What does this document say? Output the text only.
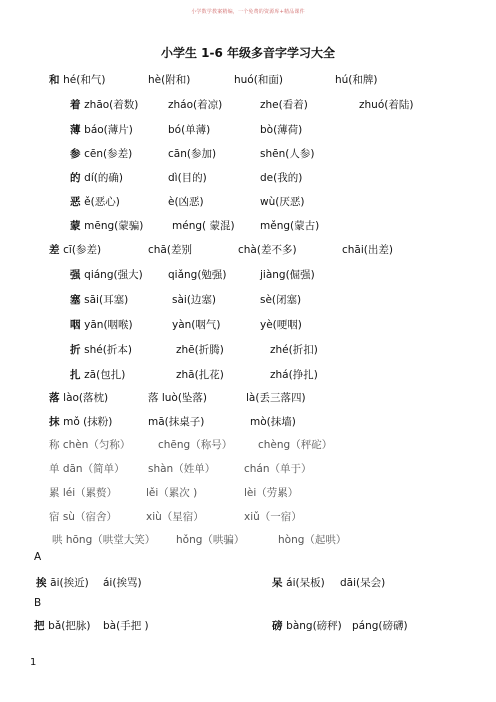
小学数学教案精编，一个免费的资源库+精品课件
小学生 1-6 年级多音字学习大全
和 hé(和气)	hè(附和)	huó(和面)	hú(和牌)
着 zhāo(着数)	zháo(着凉)	zhe(看着)	zhuó(着陆)
薄 báo(薄片)	bó(单薄)	bò(薄荷)
参 cēn(参差)	cān(参加)	shēn(人参)
的 dí(的确)	dì(目的)	de(我的)
恶 ě(恶心)	è(凶恶)	wù(厌恶)
蒙 mēng(蒙骗)	méng( 蒙混) měng(蒙古)
差 cī(参差)	chā(差别	chà(差不多)	chāi(出差)
强 qiáng(强大) qiǎng(勉强)	jiàng(倔强)
塞 sāi(耳塞)	sài(边塞)	sè(闭塞)
咽 yān(咽喉)	yàn(咽气)	yè(哽咽)
折 shé(折本)	zhē(折腾)	zhé(折扣)
扎 zā(包扎)	zhā(扎花)	zhá(挣扎)
落 lào(落枕)	落 luò(坠落)	là(丢三落四)
抹 mǒ (抹粉)	mā(抹桌子)	mò(抹墙)
称 chèn（匀称）	chēng（称号） chèng（秤砣）
单 dān（简单） shàn（姓单）	chán（单于）
累 léi（累赘）	lěi（累次 )	lèi（劳累）
宿 sù（宿舍）	xiù（星宿）	xiǔ（一宿）
哄 hōng（哄堂大笑） hǒng（哄骗）	hòng（起哄）
挨 āi(挨近) ái(挨骂)	呆 ái(呆板) dāi(呆会)
把 bǎ(把脉) bà(手把 )	磅 bàng(磅秤) páng(磅礴)
A
B
1
